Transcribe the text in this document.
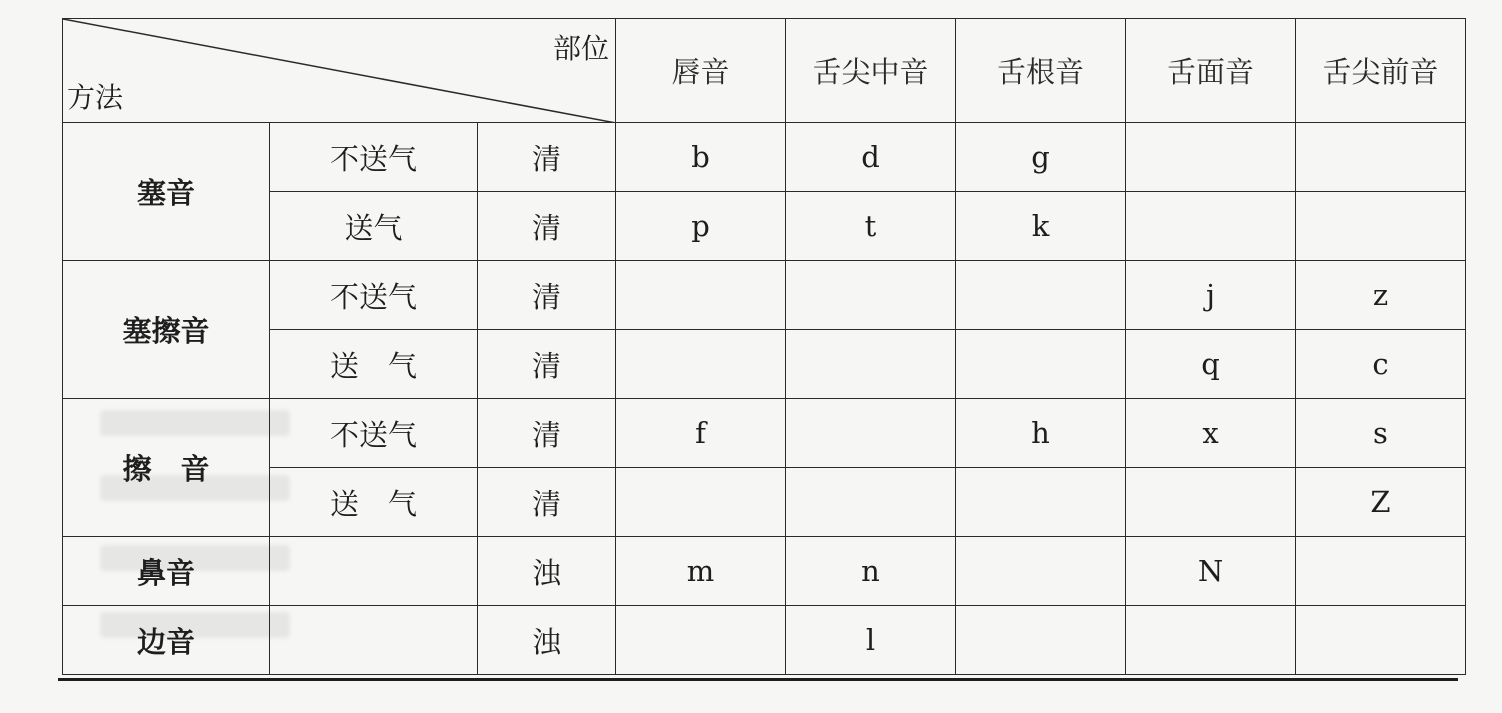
部位
方法			唇音	舌尖中音	舌根音	舌面音	舌尖前音
塞音	不送气	清	b	d	g		
	送气	清	p	t	k		
塞擦音	不送气	清				j	z
	送　气	清				q	c
擦　音	不送气	清	f		h	x	s
	送　气	清					Z
鼻音		浊	m	n		N	
边音		浊		l			
